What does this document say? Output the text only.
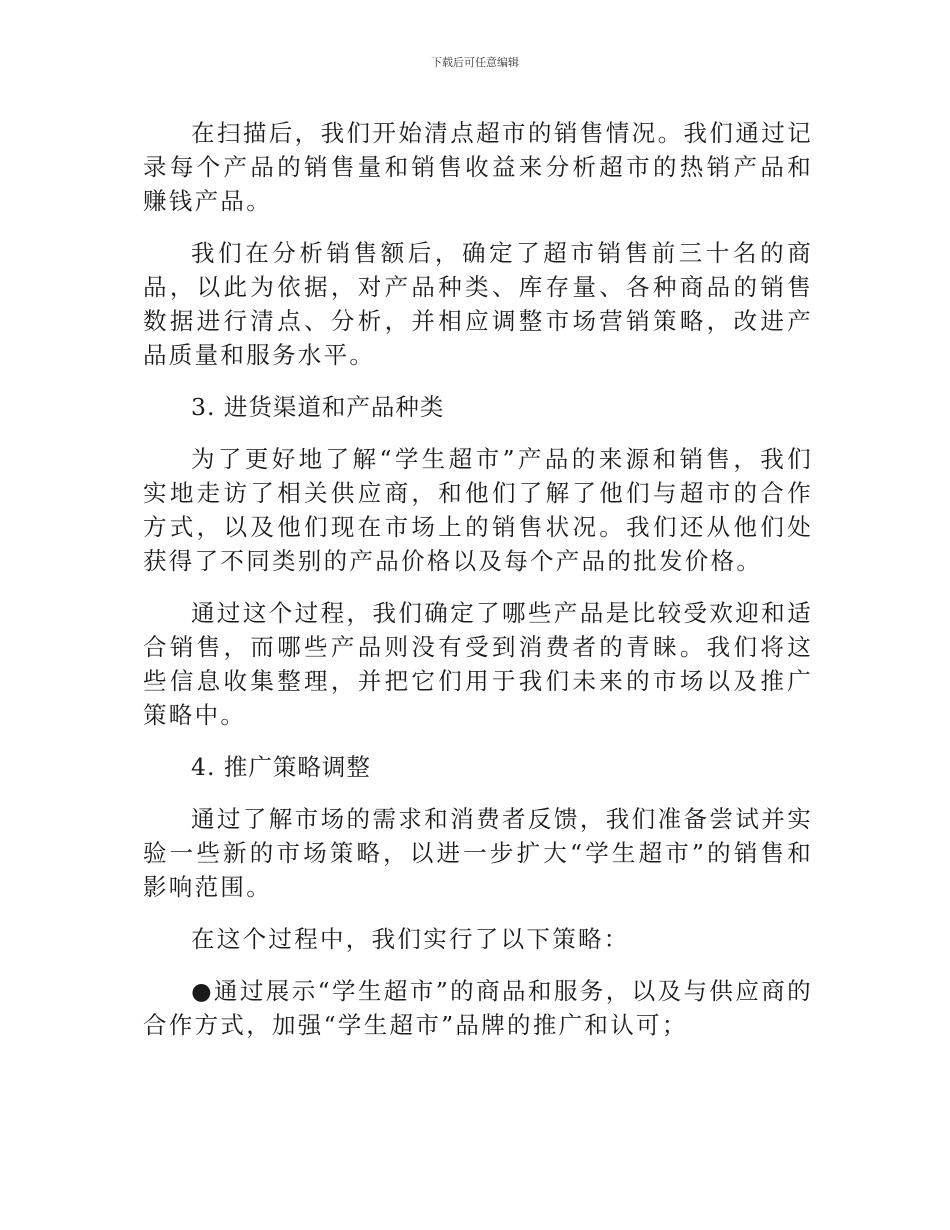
下载后可任意编辑

在扫描后，我们开始清点超市的销售情况。我们通过记录每个产品的销售量和销售收益来分析超市的热销产品和赚钱产品。

我们在分析销售额后，确定了超市销售前三十名的商品，以此为依据，对产品种类、库存量、各种商品的销售数据进行清点、分析，并相应调整市场营销策略，改进产品质量和服务水平。

3. 进货渠道和产品种类

为了更好地了解“学生超市”产品的来源和销售，我们实地走访了相关供应商，和他们了解了他们与超市的合作方式，以及他们现在市场上的销售状况。我们还从他们处获得了不同类别的产品价格以及每个产品的批发价格。

通过这个过程，我们确定了哪些产品是比较受欢迎和适合销售，而哪些产品则没有受到消费者的青睐。我们将这些信息收集整理，并把它们用于我们未来的市场以及推广策略中。

4. 推广策略调整

通过了解市场的需求和消费者反馈，我们准备尝试并实验一些新的市场策略，以进一步扩大“学生超市”的销售和影响范围。

在这个过程中，我们实行了以下策略：

●通过展示“学生超市”的商品和服务，以及与供应商的合作方式，加强“学生超市”品牌的推广和认可；
